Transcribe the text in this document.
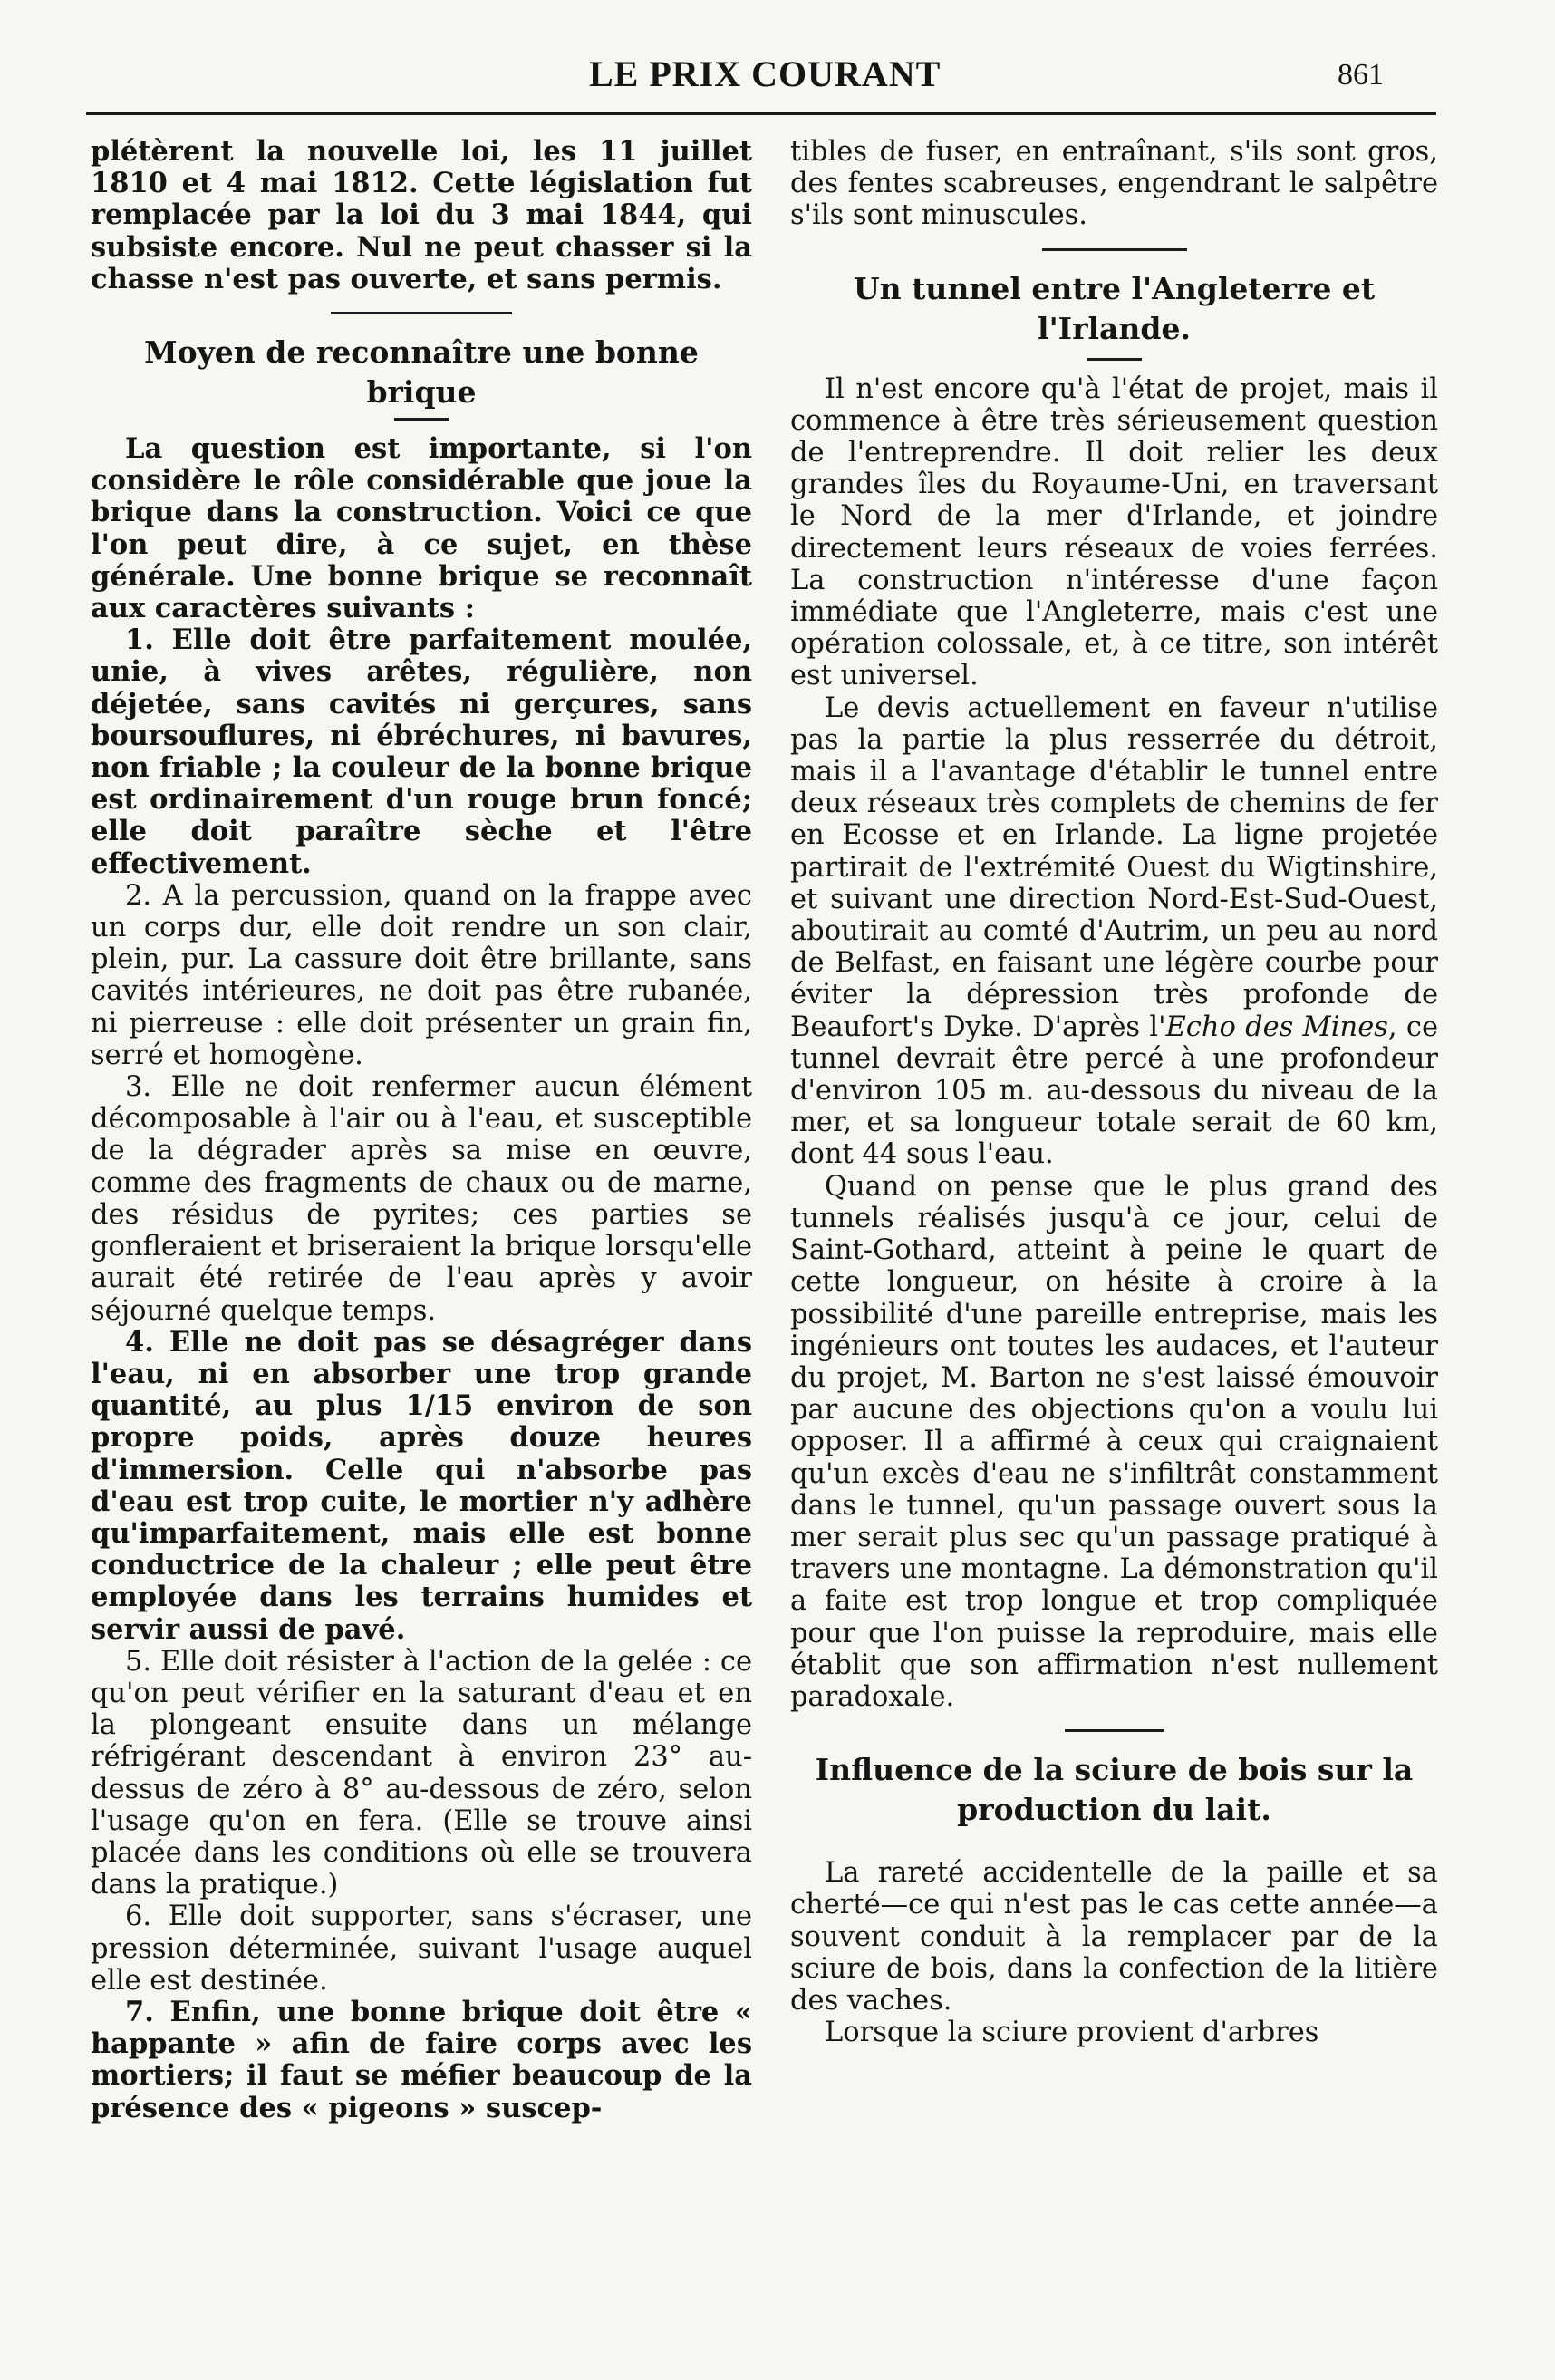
LE PRIX COURANT	861

plétèrent la nouvelle loi, les 11 juillet 1810 et 4 mai 1812. Cette législation fut remplacée par la loi du 3 mai 1844, qui subsiste encore. Nul ne peut chasser si la chasse n'est pas ouverte, et sans permis.

Moyen de reconnaître une bonne brique

La question est importante, si l'on considère le rôle considérable que joue la brique dans la construction. Voici ce que l'on peut dire, à ce sujet, en thèse générale. Une bonne brique se reconnaît aux caractères suivants :

1. Elle doit être parfaitement moulée, unie, à vives arêtes, régulière, non déjetée, sans cavités ni gerçures, sans boursouflures, ni ébréchures, ni bavures, non friable ; la couleur de la bonne brique est ordinairement d'un rouge brun foncé; elle doit paraître sèche et l'être effectivement.

2. A la percussion, quand on la frappe avec un corps dur, elle doit rendre un son clair, plein, pur. La cassure doit être brillante, sans cavités intérieures, ne doit pas être rubanée, ni pierreuse : elle doit présenter un grain fin, serré et homogène.

3. Elle ne doit renfermer aucun élément décomposable à l'air ou à l'eau, et susceptible de la dégrader après sa mise en œuvre, comme des fragments de chaux ou de marne, des résidus de pyrites; ces parties se gonfleraient et briseraient la brique lorsqu'elle aurait été retirée de l'eau après y avoir séjourné quelque temps.

4. Elle ne doit pas se désagréger dans l'eau, ni en absorber une trop grande quantité, au plus 1/15 environ de son propre poids, après douze heures d'immersion. Celle qui n'absorbe pas d'eau est trop cuite, le mortier n'y adhère qu'imparfaitement, mais elle est bonne conductrice de la chaleur ; elle peut être employée dans les terrains humides et servir aussi de pavé.

5. Elle doit résister à l'action de la gelée : ce qu'on peut vérifier en la saturant d'eau et en la plongeant ensuite dans un mélange réfrigérant descendant à environ 23° au-dessus de zéro à 8° au-dessous de zéro, selon l'usage qu'on en fera. (Elle se trouve ainsi placée dans les conditions où elle se trouvera dans la pratique.)

6. Elle doit supporter, sans s'écraser, une pression déterminée, suivant l'usage auquel elle est destinée.

7. Enfin, une bonne brique doit être « happante » afin de faire corps avec les mortiers; il faut se méfier beaucoup de la présence des « pigeons » suscep-

tibles de fuser, en entraînant, s'ils sont gros, des fentes scabreuses, engendrant le salpêtre s'ils sont minuscules.

Un tunnel entre l'Angleterre et l'Irlande.

Il n'est encore qu'à l'état de projet, mais il commence à être très sérieusement question de l'entreprendre. Il doit relier les deux grandes îles du Royaume-Uni, en traversant le Nord de la mer d'Irlande, et joindre directement leurs réseaux de voies ferrées. La construction n'intéresse d'une façon immédiate que l'Angleterre, mais c'est une opération colossale, et, à ce titre, son intérêt est universel.

Le devis actuellement en faveur n'utilise pas la partie la plus resserrée du détroit, mais il a l'avantage d'établir le tunnel entre deux réseaux très complets de chemins de fer en Ecosse et en Irlande. La ligne projetée partirait de l'extrémité Ouest du Wigtinshire, et suivant une direction Nord-Est-Sud-Ouest, aboutirait au comté d'Autrim, un peu au nord de Belfast, en faisant une légère courbe pour éviter la dépression très profonde de Beaufort's Dyke. D'après l'Echo des Mines, ce tunnel devrait être percé à une profondeur d'environ 105 m. au-dessous du niveau de la mer, et sa longueur totale serait de 60 km, dont 44 sous l'eau.

Quand on pense que le plus grand des tunnels réalisés jusqu'à ce jour, celui de Saint-Gothard, atteint à peine le quart de cette longueur, on hésite à croire à la possibilité d'une pareille entreprise, mais les ingénieurs ont toutes les audaces, et l'auteur du projet, M. Barton ne s'est laissé émouvoir par aucune des objections qu'on a voulu lui opposer. Il a affirmé à ceux qui craignaient qu'un excès d'eau ne s'infiltrât constamment dans le tunnel, qu'un passage ouvert sous la mer serait plus sec qu'un passage pratiqué à travers une montagne. La démonstration qu'il a faite est trop longue et trop compliquée pour que l'on puisse la reproduire, mais elle établit que son affirmation n'est nullement paradoxale.

Influence de la sciure de bois sur la production du lait.

La rareté accidentelle de la paille et sa cherté—ce qui n'est pas le cas cette année—a souvent conduit à la remplacer par de la sciure de bois, dans la confection de la litière des vaches.

Lorsque la sciure provient d'arbres
